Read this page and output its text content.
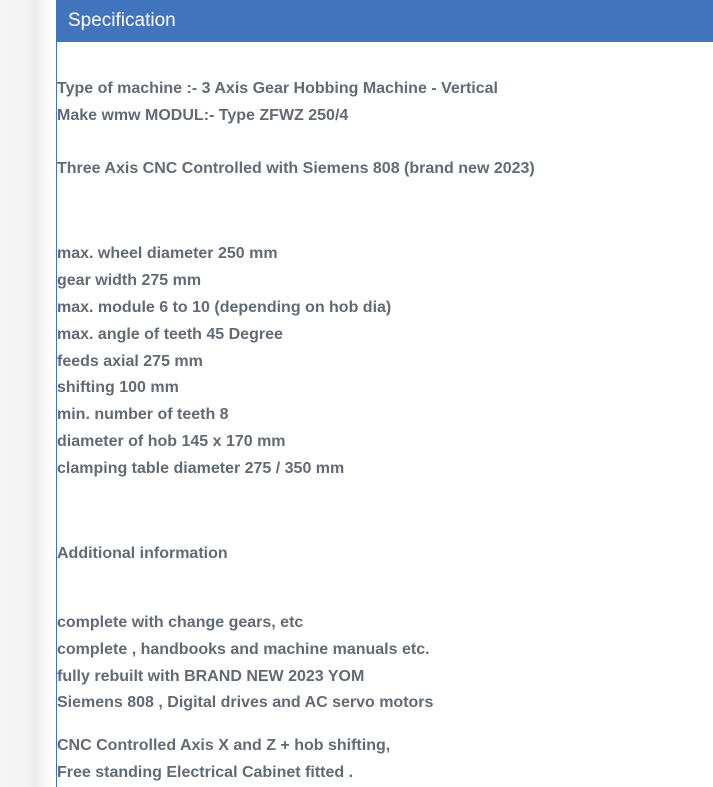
Specification
Type of machine :- 3 Axis Gear Hobbing Machine - Vertical
Make wmw MODUL:- Type ZFWZ 250/4
Three Axis CNC Controlled with Siemens 808 (brand new 2023)
max. wheel diameter 250 mm
gear width 275 mm
max. module 6 to 10 (depending on hob dia)
max. angle of teeth 45 Degree
feeds axial 275 mm
shifting 100 mm
min. number of teeth 8
diameter of hob 145 x 170 mm
clamping table diameter 275 / 350 mm
Additional information
complete with change gears, etc
complete , handbooks and machine manuals etc.
fully rebuilt with BRAND NEW 2023 YOM
Siemens 808 , Digital drives and AC servo motors
CNC Controlled Axis X and Z + hob shifting,
Free standing Electrical Cabinet fitted .
